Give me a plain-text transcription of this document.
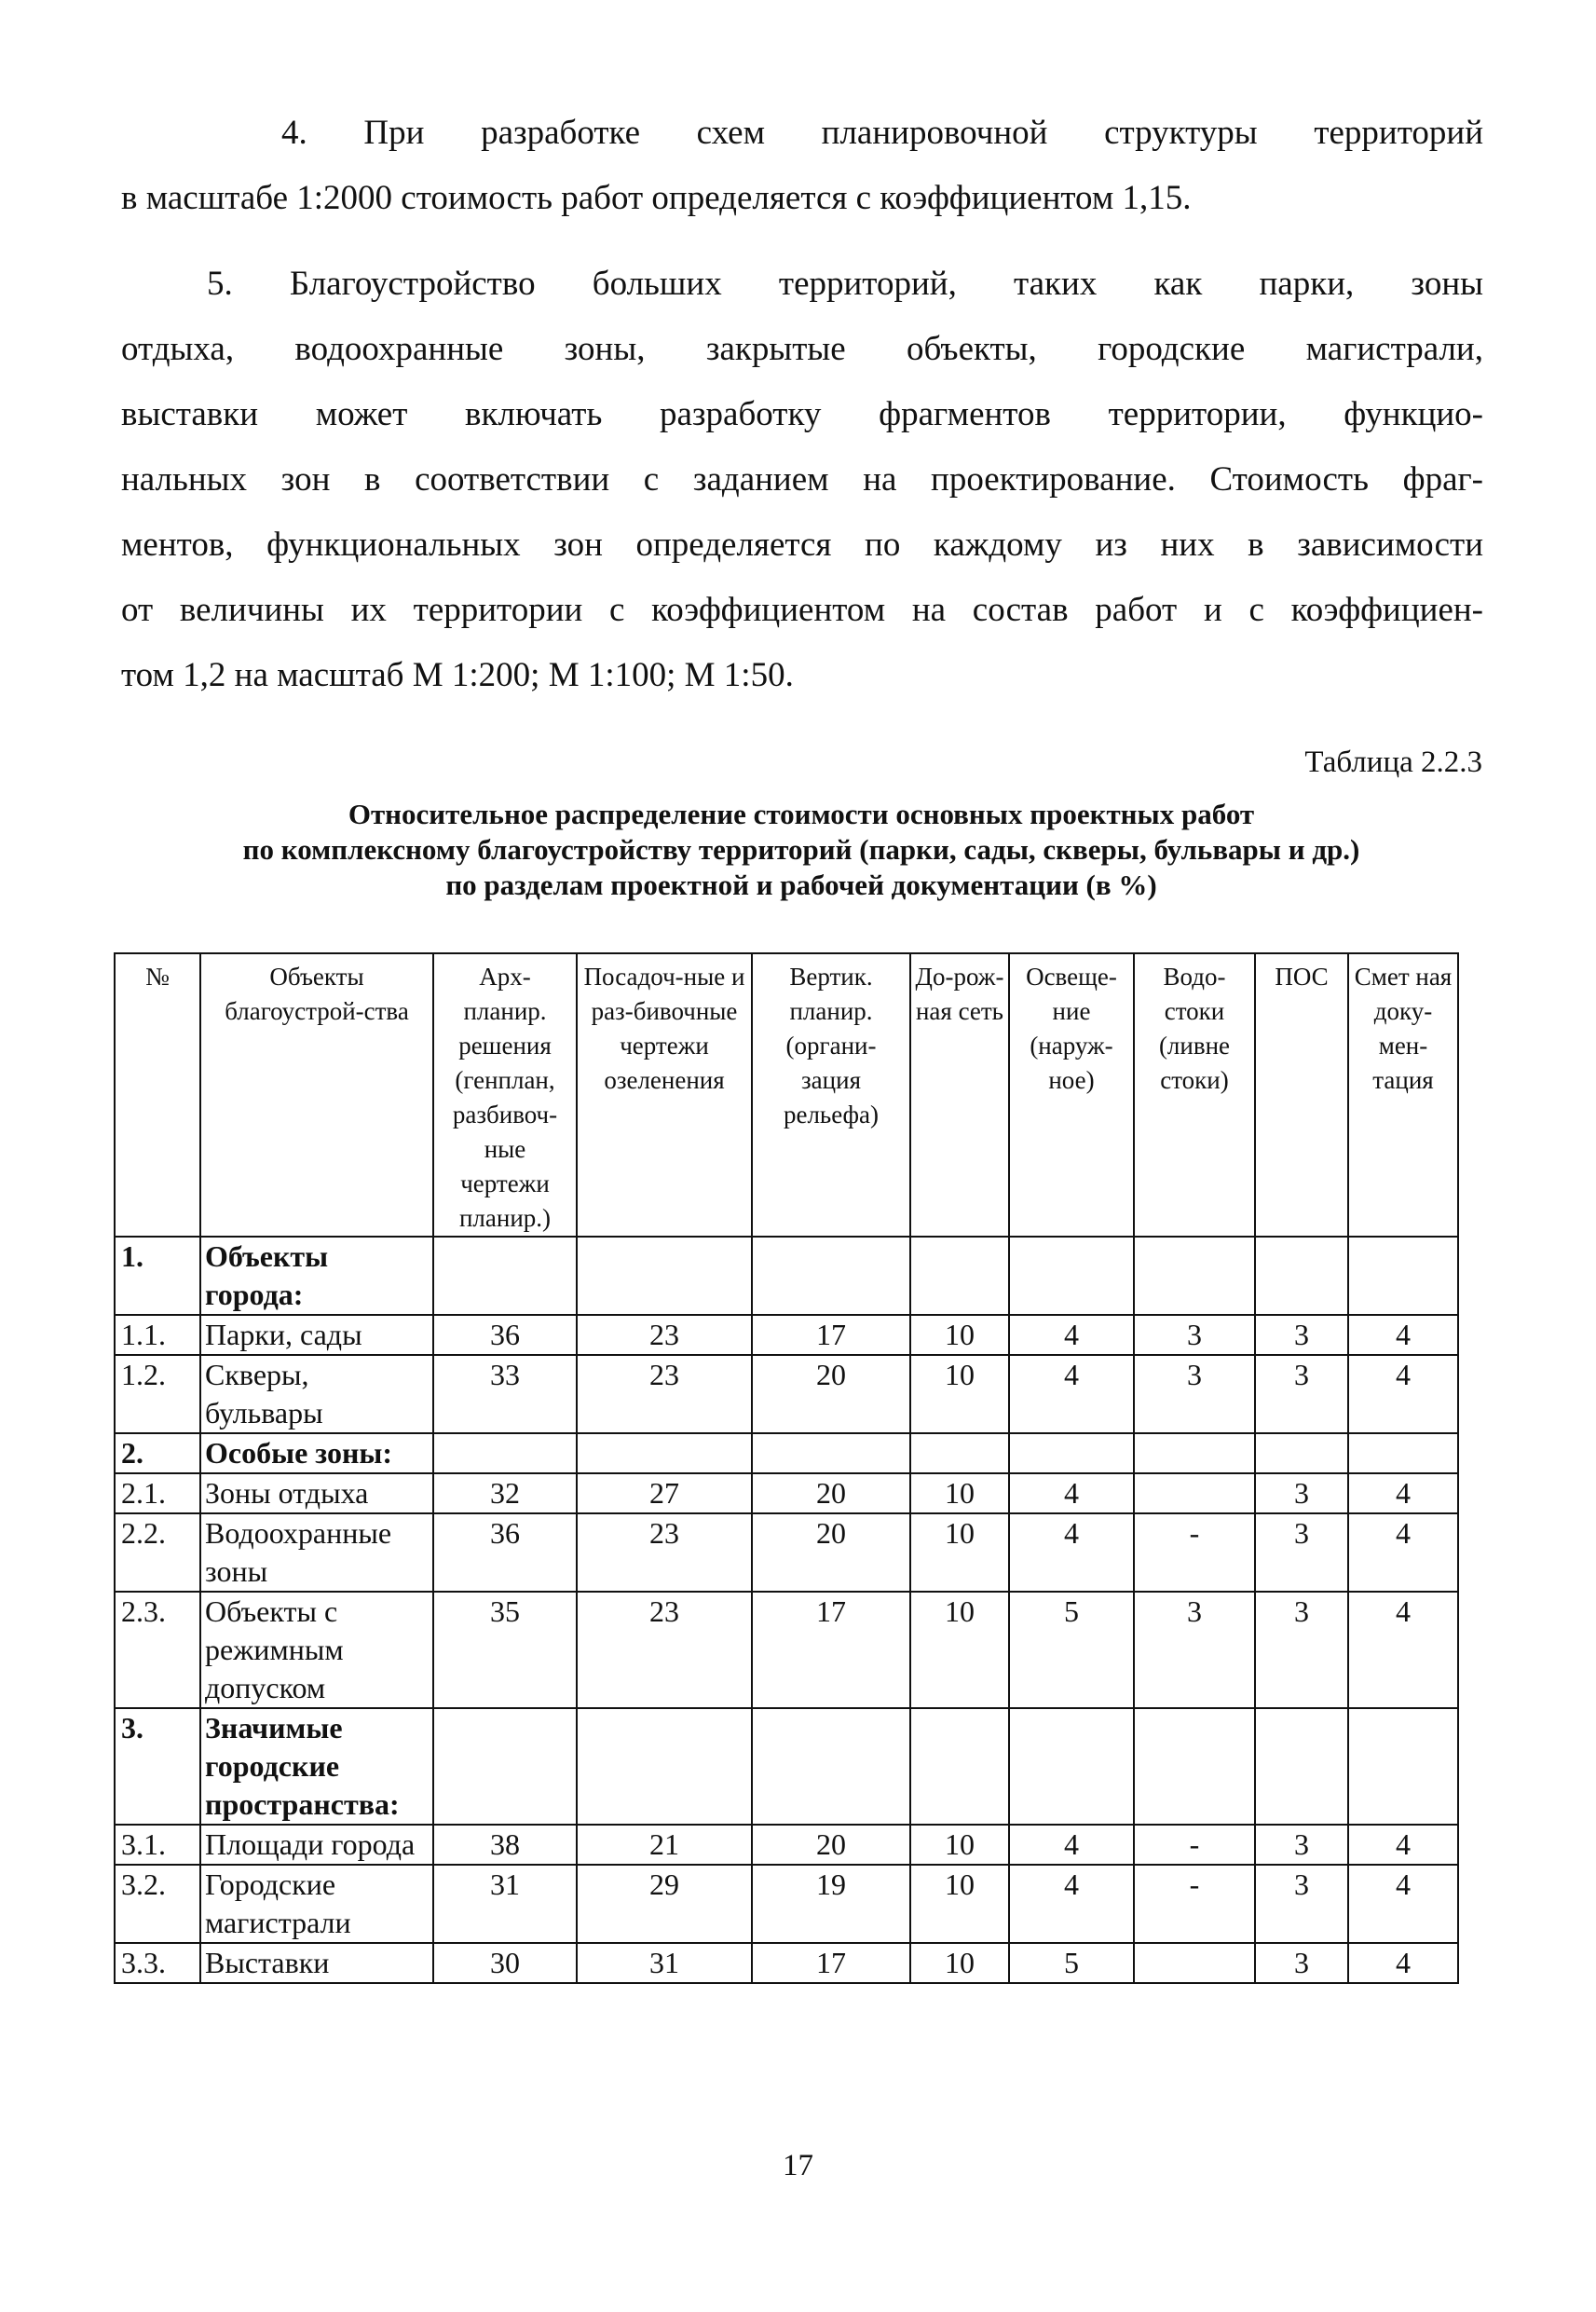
4. При разработке схем планировочной структуры территорий
в масштабе 1:2000 стоимость работ определяется с коэффициентом 1,15.
5. Благоустройство больших территорий, таких как парки, зоны
отдыха, водоохранные зоны, закрытые объекты, городские магистрали,
выставки может включать разработку фрагментов территории, функцио-
нальных зон в соответствии с заданием на проектирование. Стоимость фраг-
ментов, функциональных зон определяется по каждому из них в зависимости
от величины их территории с коэффициентом на состав работ и с коэффициен-
том 1,2 на масштаб М 1:200; М 1:100; М 1:50.
Таблица 2.2.3
Относительное распределение стоимости основных проектных работ
по комплексному благоустройству территорий (парки, сады, скверы, бульвары и др.)
по разделам проектной и рабочей документации (в %)
№	Объекты благоустрой-ства	Арх-планир. решения (генплан, разбивоч-ные чертежи планир.)	Посадоч-ные и раз-бивочные чертежи озеленения	Вертик. планир. (органи-зация рельефа)	До-рож-ная сеть	Освеще-ние (наруж-ное)	Водо-стоки (ливне стоки)	ПОС	Смет ная доку-мен-тация
1.	Объекты города:								
1.1.	Парки, сады	36	23	17	10	4	3	3	4
1.2.	Скверы, бульвары	33	23	20	10	4	3	3	4
2.	Особые зоны:								
2.1.	Зоны отдыха	32	27	20	10	4		3	4
2.2.	Водоохранные зоны	36	23	20	10	4	-	3	4
2.3.	Объекты с режимным допуском	35	23	17	10	5	3	3	4
3.	Значимые городские пространства:								
3.1.	Площади города	38	21	20	10	4	-	3	4
3.2.	Городские магистрали	31	29	19	10	4	-	3	4
3.3.	Выставки	30	31	17	10	5		3	4
17
